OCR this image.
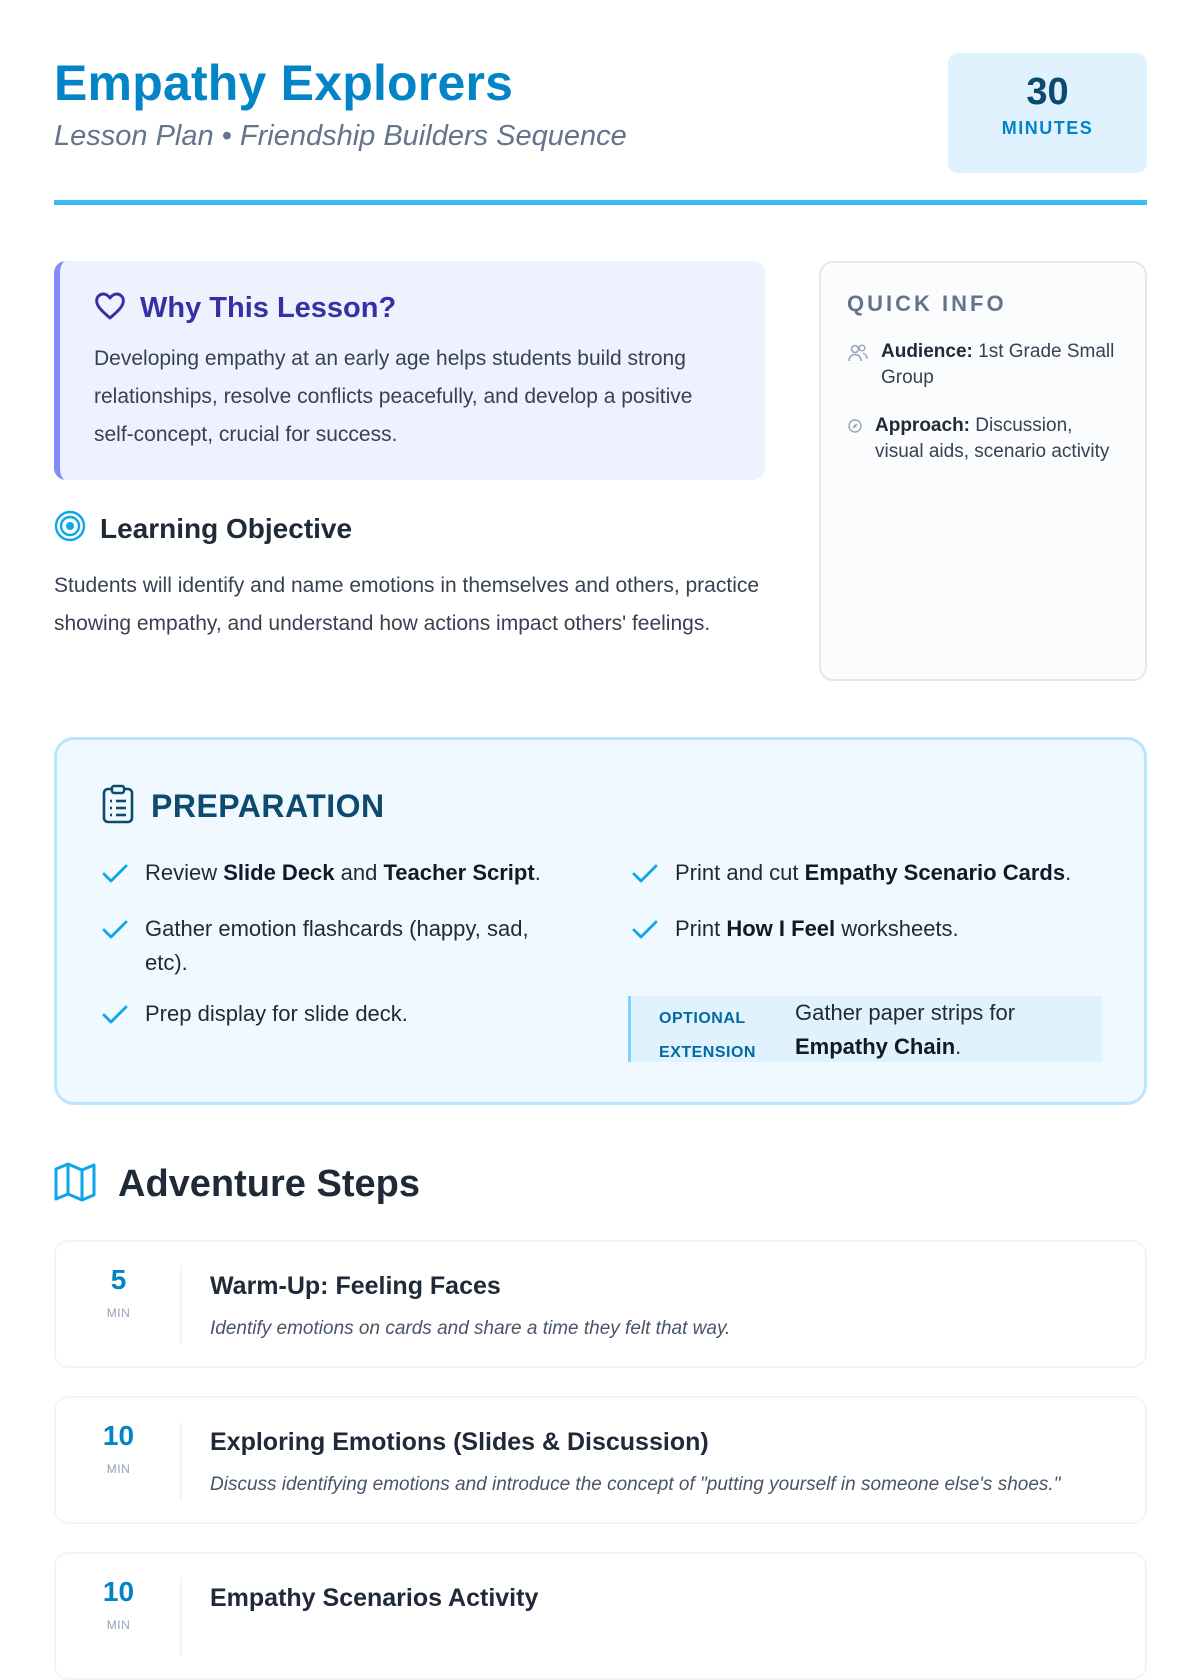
Empathy Explorers
Lesson Plan • Friendship Builders Sequence
30
MINUTES
Why This Lesson?
Developing empathy at an early age helps students build strong relationships, resolve conflicts peacefully, and develop a positive self-concept, crucial for success.
Learning Objective
Students will identify and name emotions in themselves and others, practice showing empathy, and understand how actions impact others' feelings.
QUICK INFO
Audience: 1st Grade Small Group
Approach: Discussion, visual aids, scenario activity
PREPARATION
Review Slide Deck and Teacher Script.
Gather emotion flashcards (happy, sad, etc).
Prep display for slide deck.
Print and cut Empathy Scenario Cards.
Print How I Feel worksheets.
OPTIONAL
EXTENSION
Gather paper strips for
Empathy Chain.
Adventure Steps
5
MIN
Warm-Up: Feeling Faces
Identify emotions on cards and share a time they felt that way.
10
MIN
Exploring Emotions (Slides & Discussion)
Discuss identifying emotions and introduce the concept of "putting yourself in someone else's shoes."
10
MIN
Empathy Scenarios Activity
